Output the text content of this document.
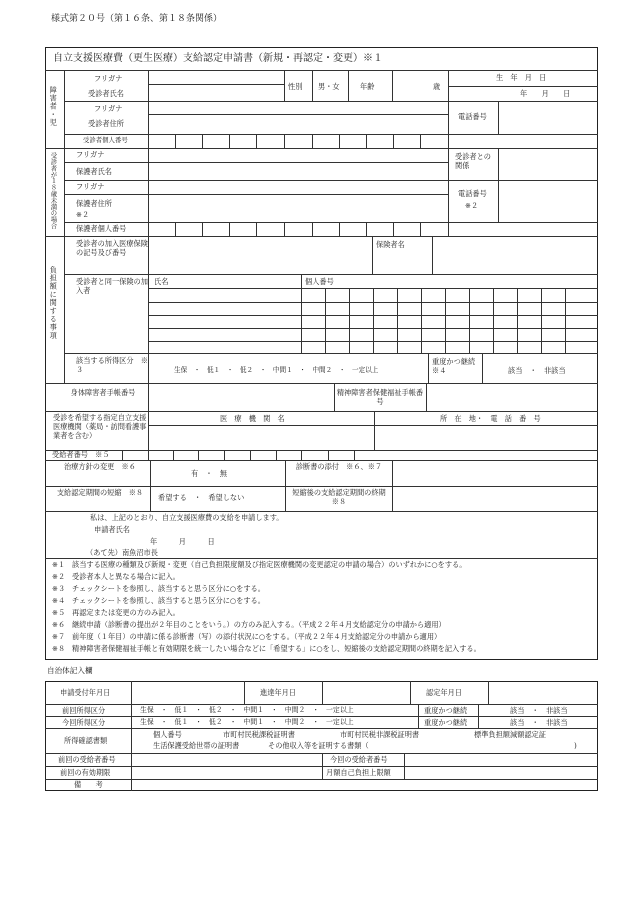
様式第２０号（第１６条、第１８条関係）
自立支援医療費（更生医療）支給認定申請書（新規・再認定・変更）※１
障害者・児
フリガナ
受診者氏名
性別 男・女	年齢	歳
生　年　月　日
年　　月　　日
フリガナ
受診者住所
電話番号
受診者個人番号
受診者が１８歳未満の場合	フリガナ
保護者氏名
受診者との関係
フリガナ
保護者住所
※２
電話番号
※２
保護者個人番号
負担額に関する事項
受診者の加入医療保険の記号及び番号
保険者名
受診者と同一保険の加入者
氏名	個人番号
該当する所得区分　※３	生保　・　低１　・　低２　・　中間１　・　中間２　・　一定以上
重度かつ継続　※４	該当　・　非該当
身体障害者手帳番号	精神障害者保健福祉手帳番号
受診を希望する指定自立支援医療機関（薬局・訪問看護事業者を含む）
医　療　機　関　名	所　在　地・　電　話　番　号
受給者番号　※５
治療方針の変更　※６
有　・　無
診断書の添付　※６、※７
支給認定期間の短縮　※８
希望する　・　希望しない
短縮後の支給認定期間の終期　※８
私は、上記のとおり、自立支援医療費の支給を申請します。
申請者氏名
年　　　月　　　日
（あて先）南魚沼市長
※１ 該当する医療の種類及び新規・変更（自己負担限度額及び指定医療機関の変更認定の申請の場合）のいずれかに○をする。
※２ 受診者本人と異なる場合に記入。
※３ チェックシートを参照し、該当すると思う区分に○をする。
※４ チェックシートを参照し、該当すると思う区分に○をする。
※５ 再認定または変更の方のみ記入。
※６ 継続申請（診断書の提出が２年目のことをいう。）の方のみ記入する。（平成２２年４月支給認定分の申請から適用）
※７ 前年度（１年目）の申請に係る診断書（写）の添付状況に○をする。（平成２２年４月支給認定分の申請から適用）
※８ 精神障害者保健福祉手帳と有効期限を統一したい場合などに「希望する」に○をし、短縮後の支給認定期間の終期を記入する。
自治体記入欄
申請受付年月日	進達年月日	認定年月日
前回所得区分	生保　・　低１　・　低２　・　中間１　・　中間２　・　一定以上	重度かつ継続	該当　・　非該当
今回所得区分	生保　・　低１　・　低２　・　中間１　・　中間２　・　一定以上	重度かつ継続	該当　・　非該当
所得確認書類
個人番号	市町村民税課税証明書	市町村民税非課税証明書	標準負担額減額認定証
生活保護受給世帯の証明書　　　　その他収入等を証明する書類（	)
前回の受給者番号	今回の受給者番号
前回の有効期限	月額自己負担上限額
備　　考
